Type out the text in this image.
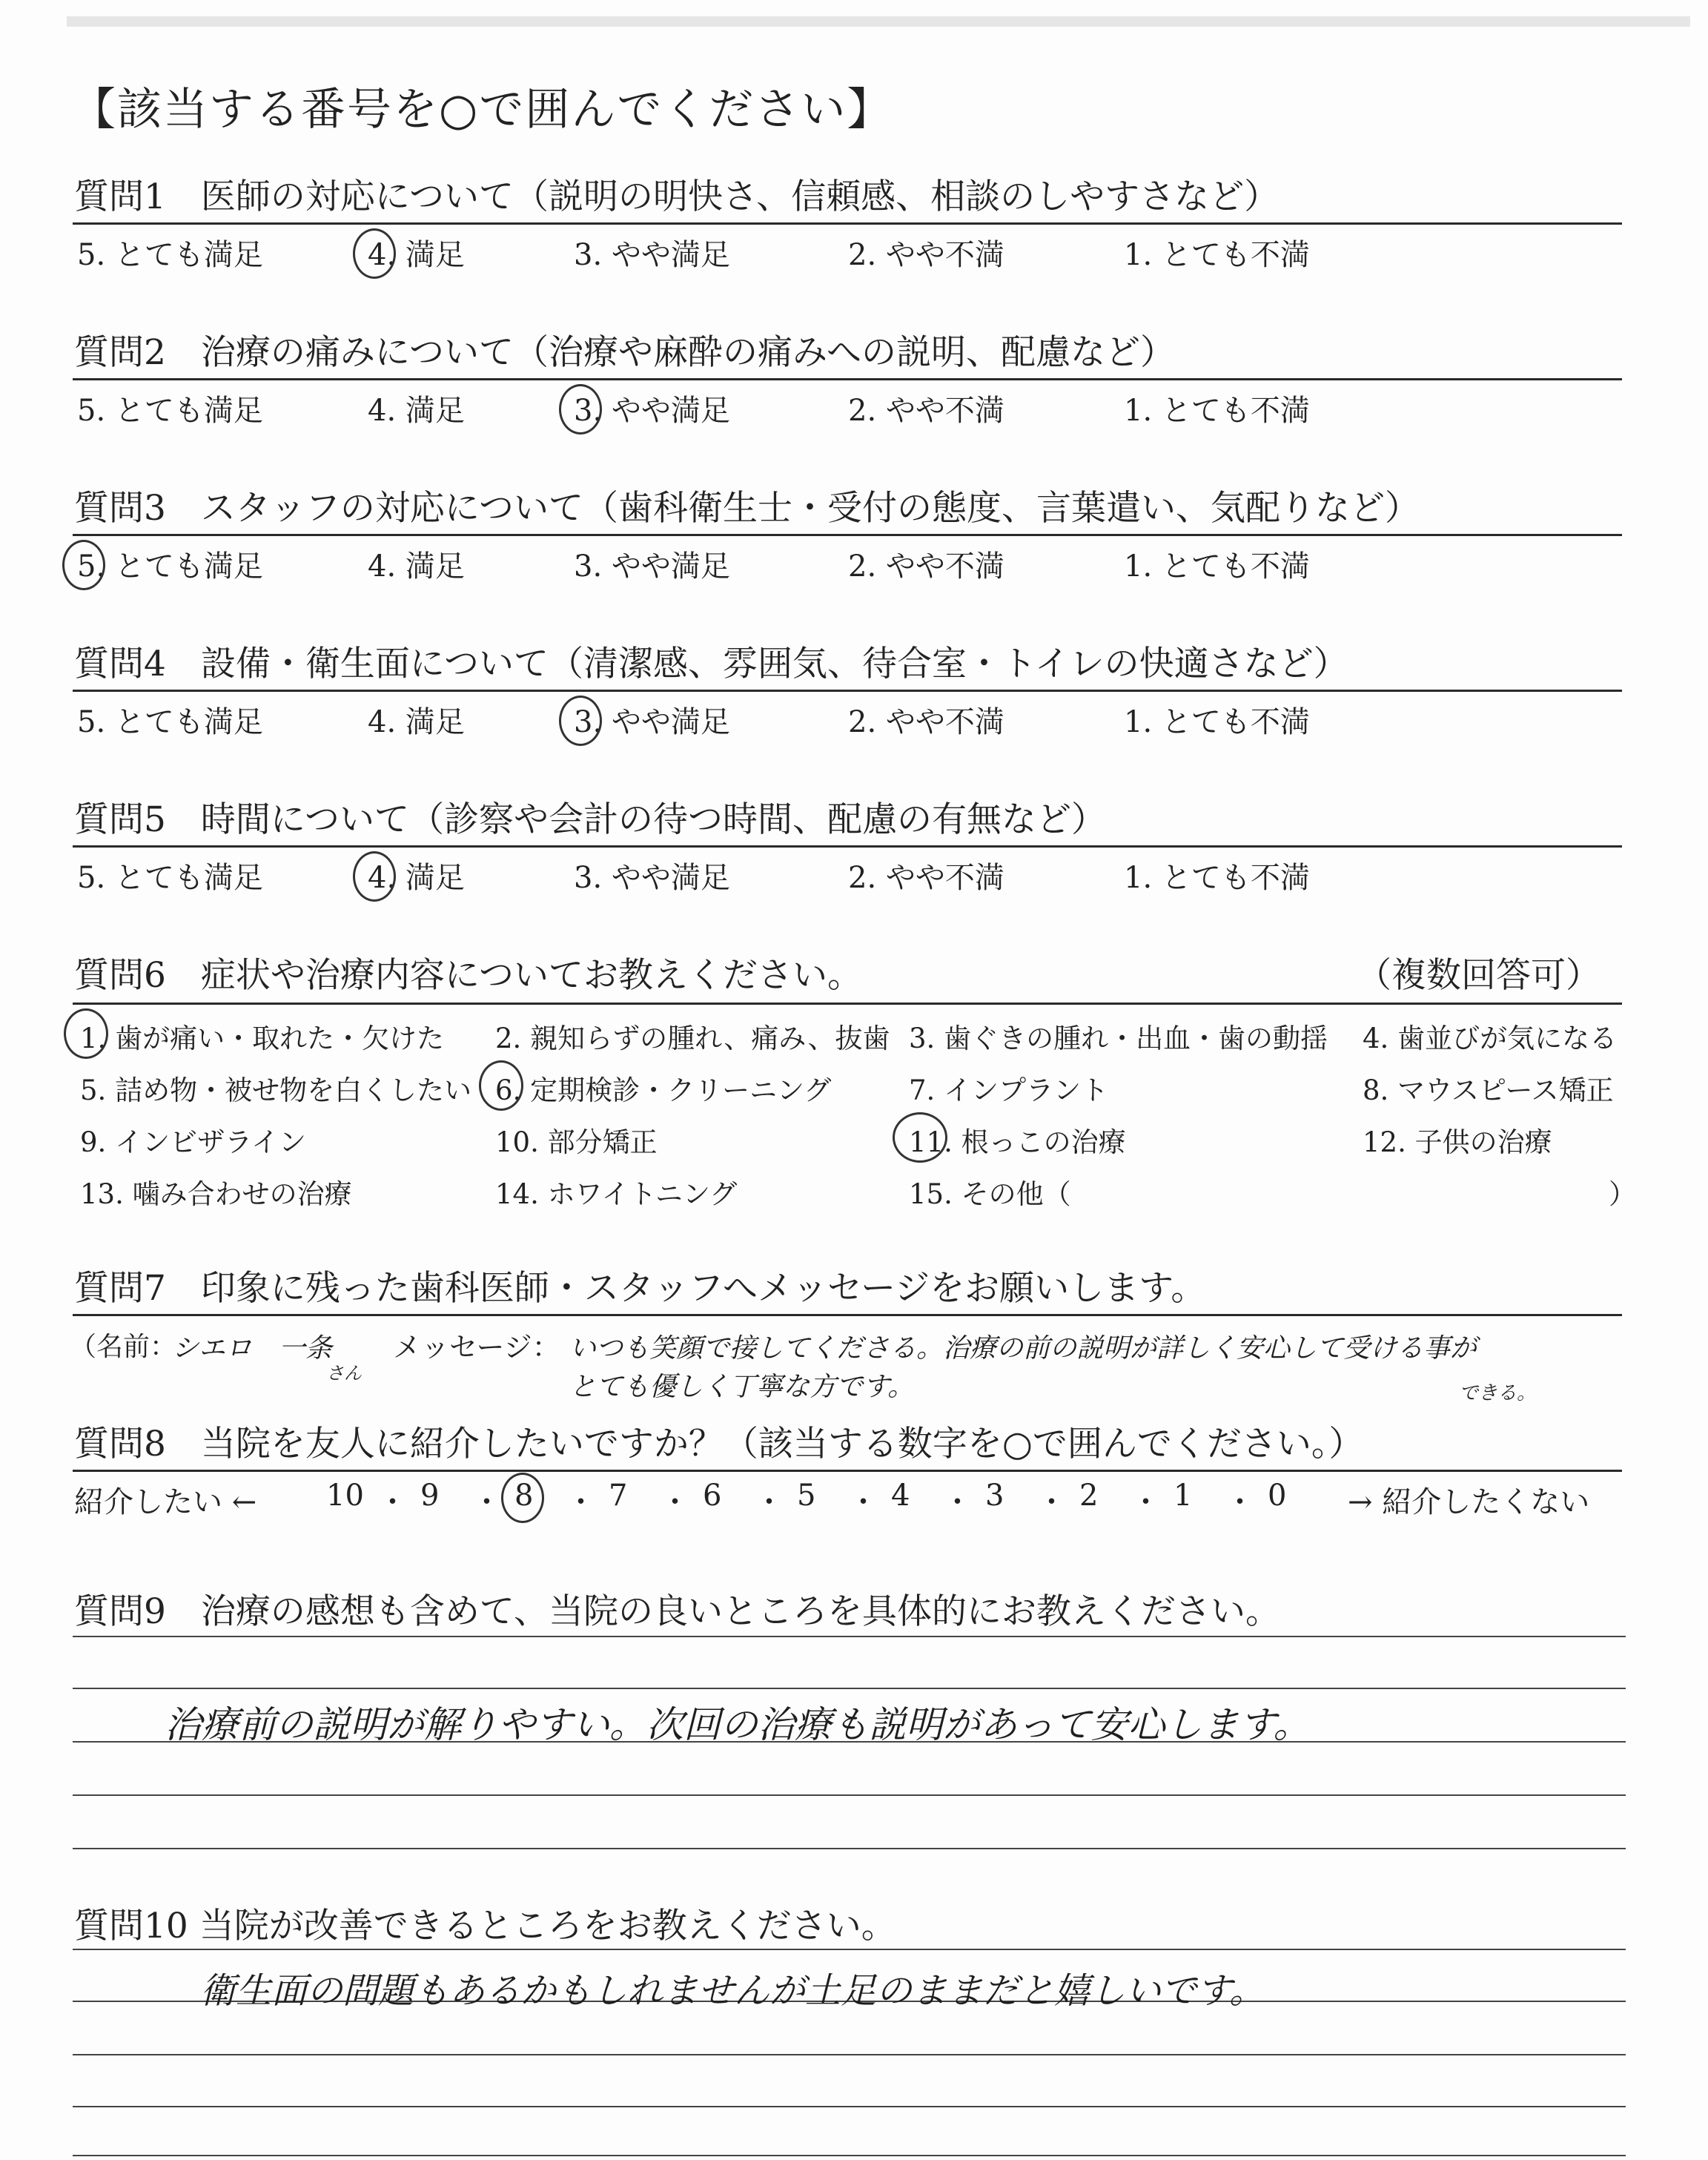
【該当する番号を○で囲んでください】
質問1　医師の対応について（説明の明快さ、信頼感、相談のしやすさなど）
5. とても満足	4. 満足	3. やや満足	2. やや不満	1. とても不満
質問2　治療の痛みについて（治療や麻酔の痛みへの説明、配慮など）
5. とても満足	4. 満足	3. やや満足	2. やや不満	1. とても不満
質問3　スタッフの対応について（歯科衛生士・受付の態度、言葉遣い、気配りなど）
5. とても満足	4. 満足	3. やや満足	2. やや不満	1. とても不満
質問4　設備・衛生面について（清潔感、雰囲気、待合室・トイレの快適さなど）
5. とても満足	4. 満足	3. やや満足	2. やや不満	1. とても不満
質問5　時間について（診察や会計の待つ時間、配慮の有無など）
5. とても満足	4. 満足	3. やや満足	2. やや不満	1. とても不満
質問6　症状や治療内容についてお教えください。	（複数回答可）
1. 歯が痛い・取れた・欠けた 2. 親知らずの腫れ、痛み、抜歯 3. 歯ぐきの腫れ・出血・歯の動揺 4. 歯並びが気になる
5. 詰め物・被せ物を白くしたい 6. 定期検診・クリーニング	7. インプラント	8. マウスピース矯正
9. インビザライン	10. 部分矯正	11. 根っこの治療	12. 子供の治療
13. 噛み合わせの治療	14. ホワイトニング	15. その他（	）
質問7　印象に残った歯科医師・スタッフへメッセージをお願いします。
（名前：
シエロ　一条
さん
メッセージ： いつも笑顔で接してくださる。治療の前の説明が詳しく安心して受ける事が
とても優しく丁寧な方です。	できる。
質問8　当院を友人に紹介したいですか？（該当する数字を○で囲んでください。）
紹介したい ← 10 ・ 9 ・ 8 ・ 7 ・ 6 ・ 5 ・ 4 ・ 3 ・ 2 ・ 1 ・ 0 → 紹介したくない
質問9　治療の感想も含めて、当院の良いところを具体的にお教えください。
治療前の説明が解りやすい。次回の治療も説明があって安心します。
質問10 当院が改善できるところをお教えください。
衛生面の問題もあるかもしれませんが土足のままだと嬉しいです。
